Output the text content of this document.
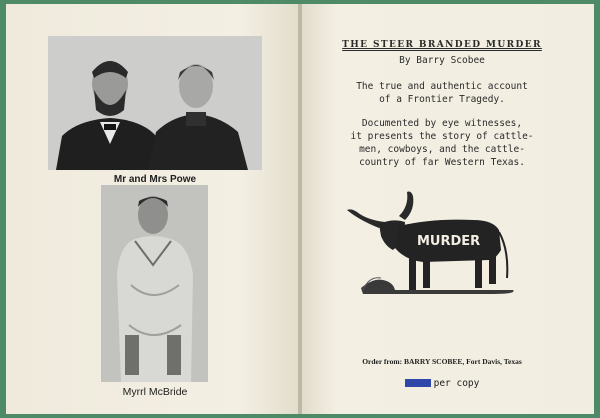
Mr and Mrs Powe
Myrrl McBride
THE STEER BRANDED MURDER
By Barry Scobee
The true and authentic account
of a Frontier Tragedy.
Documented by eye witnesses,
it presents the story of cattle-
men, cowboys, and the cattle-
country of far Western Texas.
MURDER
Order from: BARRY SCOBEE, Fort Davis, Texas
per copy
